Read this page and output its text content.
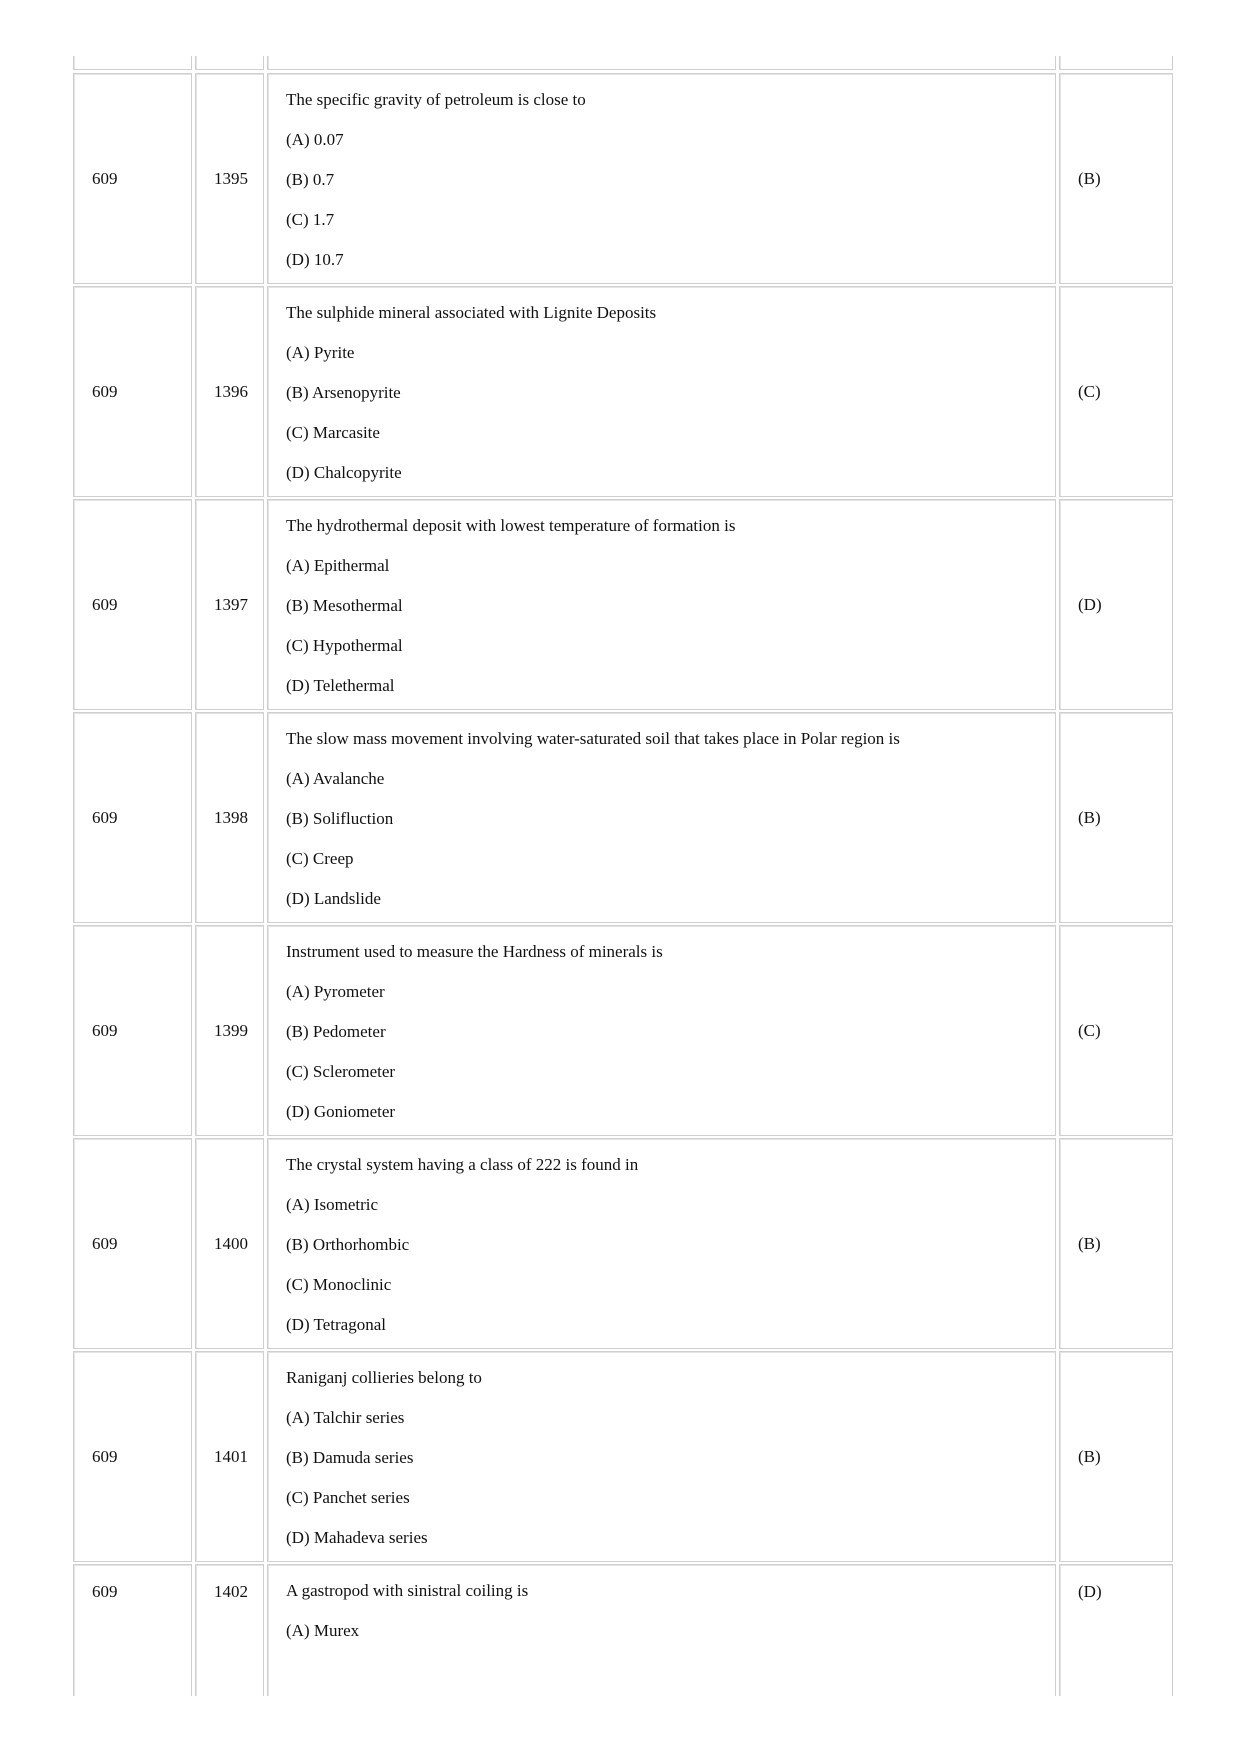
609	1395
The specific gravity of petroleum is close to
(A) 0.07
(B) 0.7
(C) 1.7
(D) 10.7
(B)
609	1396
The sulphide mineral associated with Lignite Deposits
(A) Pyrite
(B) Arsenopyrite
(C) Marcasite
(D) Chalcopyrite
(C)
609	1397
The hydrothermal deposit with lowest temperature of formation is
(A) Epithermal
(B) Mesothermal
(C) Hypothermal
(D) Telethermal
(D)
609	1398
The slow mass movement involving water-saturated soil that takes place in Polar region is
(A) Avalanche
(B) Solifluction
(C) Creep
(D) Landslide
(B)
609	1399
Instrument used to measure the Hardness of minerals is
(A) Pyrometer
(B) Pedometer
(C) Sclerometer
(D) Goniometer
(C)
609	1400
The crystal system having a class of 222 is found in
(A) Isometric
(B) Orthorhombic
(C) Monoclinic
(D) Tetragonal
(B)
609	1401
Raniganj collieries belong to
(A) Talchir series
(B) Damuda series
(C) Panchet series
(D) Mahadeva series
(B)
609	1402 A gastropod with sinistral coiling is
(A) Murex
(D)
